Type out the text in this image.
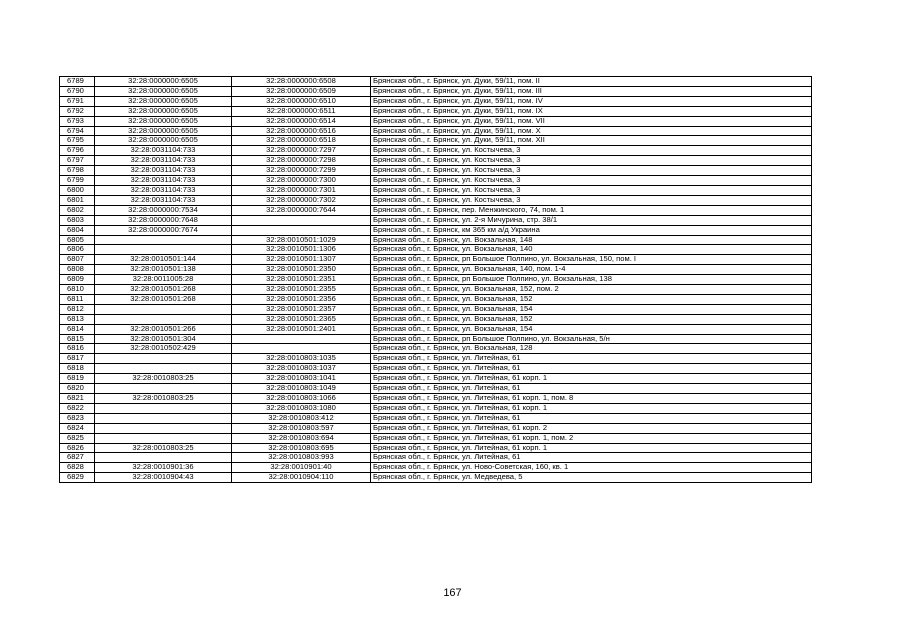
6789	32:28:0000000:6505	32:28:0000000:6508	Брянская обл., г. Брянск, ул. Дуки, 59/11, пом. II
6790	32:28:0000000:6505	32:28:0000000:6509	Брянская обл., г. Брянск, ул. Дуки, 59/11, пом. III
6791	32:28:0000000:6505	32:28:0000000:6510	Брянская обл., г. Брянск, ул. Дуки, 59/11, пом. IV
6792	32:28:0000000:6505	32:28:0000000:6511	Брянская обл., г. Брянск, ул. Дуки, 59/11, пом. IX
6793	32:28:0000000:6505	32:28:0000000:6514	Брянская обл., г. Брянск, ул. Дуки, 59/11, пом. VII
6794	32:28:0000000:6505	32:28:0000000:6516	Брянская обл., г. Брянск, ул. Дуки, 59/11, пом. X
6795	32:28:0000000:6505	32:28:0000000:6518	Брянская обл., г. Брянск, ул. Дуки, 59/11, пом. XII
6796	32:28:0031104:733	32:28:0000000:7297	Брянская обл., г. Брянск, ул. Костычева, 3
6797	32:28:0031104:733	32:28:0000000:7298	Брянская обл., г. Брянск, ул. Костычева, 3
6798	32:28:0031104:733	32:28:0000000:7299	Брянская обл., г. Брянск, ул. Костычева, 3
6799	32:28:0031104:733	32:28:0000000:7300	Брянская обл., г. Брянск, ул. Костычева, 3
6800	32:28:0031104:733	32:28:0000000:7301	Брянская обл., г. Брянск, ул. Костычева, 3
6801	32:28:0031104:733	32:28:0000000:7302	Брянская обл., г. Брянск, ул. Костычева, 3
6802	32:28:0000000:7534	32:28:0000000:7644	Брянская обл., г. Брянск, пер. Менжинского, 74, пом. 1
6803	32:28:0000000:7648		Брянская обл., г. Брянск, ул. 2-я Мичурина, стр. 38/1
6804	32:28:0000000:7674		Брянская обл., г. Брянск, км 365 км а/д Украина
6805		32:28:0010501:1029	Брянская обл., г. Брянск, ул. Вокзальная, 148
6806		32:28:0010501:1306	Брянская обл., г. Брянск, ул. Вокзальная, 140
6807	32:28:0010501:144	32:28:0010501:1307	Брянская обл., г. Брянск, рп Большое Полпино, ул. Вокзальная, 150, пом. I
6808	32:28:0010501:138	32:28:0010501:2350	Брянская обл., г. Брянск, ул. Вокзальная, 140, пом. 1-4
6809	32:28:0011005:28	32:28:0010501:2351	Брянская обл., г. Брянск, рп Большое Полпино, ул. Вокзальная, 138
6810	32:28:0010501:268	32:28:0010501:2355	Брянская обл., г. Брянск, ул. Вокзальная, 152, пом. 2
6811	32:28:0010501:268	32:28:0010501:2356	Брянская обл., г. Брянск, ул. Вокзальная, 152
6812		32:28:0010501:2357	Брянская обл., г. Брянск, ул. Вокзальная, 154
6813		32:28:0010501:2365	Брянская обл., г. Брянск, ул. Вокзальная, 152
6814	32:28:0010501:266	32:28:0010501:2401	Брянская обл., г. Брянск, ул. Вокзальная, 154
6815	32:28:0010501:304		Брянская обл., г. Брянск, рп Большое Полпино, ул. Вокзальная, 5/н
6816	32:28:0010502:429		Брянская обл., г. Брянск, ул. Вокзальная, 128
6817		32:28:0010803:1035	Брянская обл., г. Брянск, ул. Литейная, 61
6818		32:28:0010803:1037	Брянская обл., г. Брянск, ул. Литейная, 61
6819	32:28:0010803:25	32:28:0010803:1041	Брянская обл., г. Брянск, ул. Литейная, 61 корп. 1
6820		32:28:0010803:1049	Брянская обл., г. Брянск, ул. Литейная, 61
6821	32:28:0010803:25	32:28:0010803:1066	Брянская обл., г. Брянск, ул. Литейная, 61 корп. 1, пом. 8
6822		32:28:0010803:1080	Брянская обл., г. Брянск, ул. Литейная, 61 корп. 1
6823		32:28:0010803:412	Брянская обл., г. Брянск, ул. Литейная, 61
6824		32:28:0010803:597	Брянская обл., г. Брянск, ул. Литейная, 61 корп. 2
6825		32:28:0010803:694	Брянская обл., г. Брянск, ул. Литейная, 61 корп. 1, пом. 2
6826	32:28:0010803:25	32:28:0010803:695	Брянская обл., г. Брянск, ул. Литейная, 61 корп. 1
6827		32:28:0010803:993	Брянская обл., г. Брянск, ул. Литейная, 61
6828	32:28:0010901:36	32:28:0010901:40	Брянская обл., г. Брянск, ул. Ново-Советская, 160, кв. 1
6829	32:28:0010904:43	32:28:0010904:110	Брянская обл., г. Брянск, ул. Медведева, 5
167
